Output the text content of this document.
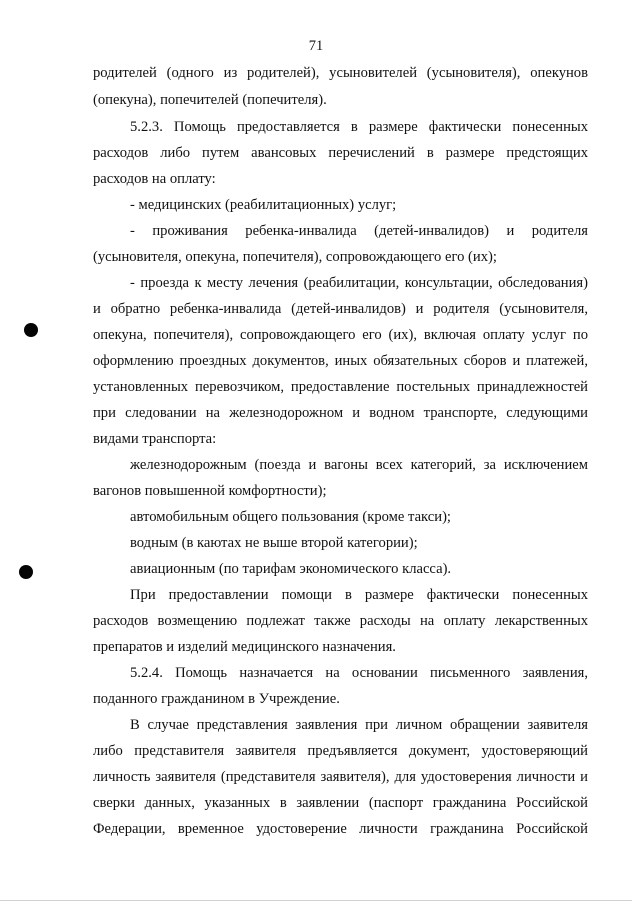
71
родителей (одного из родителей), усыновителей (усыновителя), опекунов
(опекуна), попечителей (попечителя).
5.2.3. Помощь предоставляется в размере фактически понесенных
расходов либо путем авансовых перечислений в размере предстоящих
расходов на оплату:
- медицинских (реабилитационных) услуг;
- проживания ребенка-инвалида (детей-инвалидов) и родителя
(усыновителя, опекуна, попечителя), сопровождающего его (их);
- проезда к месту лечения (реабилитации, консультации, обследования)
и обратно ребенка-инвалида (детей-инвалидов) и родителя (усыновителя,
опекуна, попечителя), сопровождающего его (их), включая оплату услуг по
оформлению проездных документов, иных обязательных сборов и платежей,
установленных перевозчиком, предоставление постельных принадлежностей
при следовании на железнодорожном и водном транспорте, следующими
видами транспорта:
железнодорожным (поезда и вагоны всех категорий, за исключением
вагонов повышенной комфортности);
автомобильным общего пользования (кроме такси);
водным (в каютах не выше второй категории);
авиационным (по тарифам экономического класса).
При предоставлении помощи в размере фактически понесенных
расходов возмещению подлежат также расходы на оплату лекарственных
препаратов и изделий медицинского назначения.
5.2.4. Помощь назначается на основании письменного заявления,
поданного гражданином в Учреждение.
В случае представления заявления при личном обращении заявителя
либо представителя заявителя предъявляется документ, удостоверяющий
личность заявителя (представителя заявителя), для удостоверения личности и
сверки данных, указанных в заявлении (паспорт гражданина Российской
Федерации, временное удостоверение личности гражданина Российской
